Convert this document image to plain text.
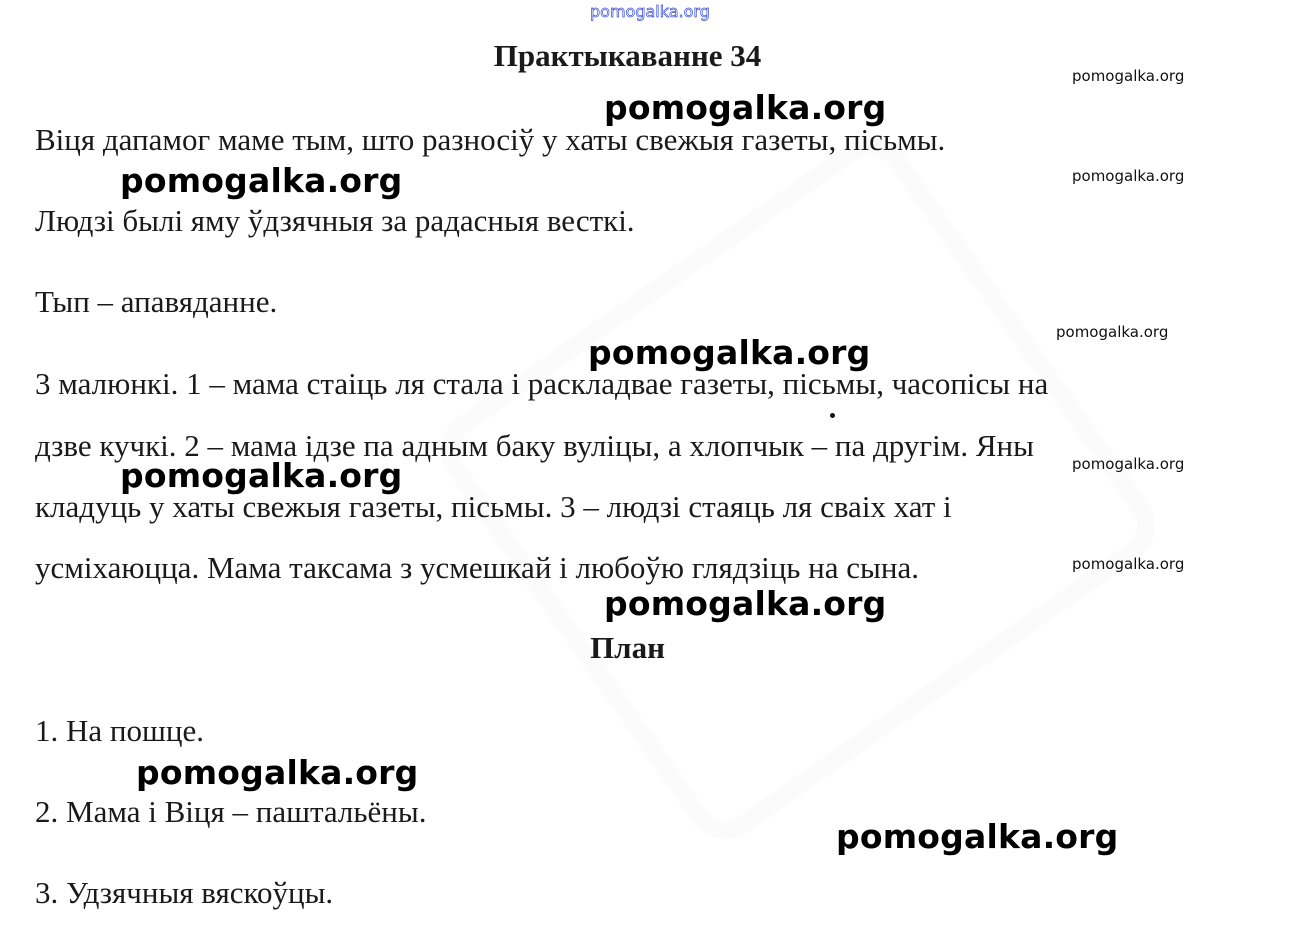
pomogalka.org
Практыкаванне 34
Віця дапамог маме тым, што разносіў у хаты свежыя газеты, пісьмы.
Людзі былі яму ўдзячныя за радасныя весткі.
Тып – апавяданне.
3 малюнкі. 1 – мама стаіць ля стала і раскладвае газеты, пісьмы, часопісы на
дзве кучкі. 2 – мама ідзе па адным баку вуліцы, а хлопчык – па другім. Яны
кладуць у хаты свежыя газеты, пісьмы. 3 – людзі стаяць ля сваіх хат і
усміхаюцца. Мама таксама з усмешкай і любоўю глядзіць на сына.
План
1. На пошце.
2. Мама і Віця – паштальёны.
3. Удзячныя вяскоўцы.
pomogalka.org
pomogalka.org
pomogalka.org
pomogalka.org
pomogalka.org
pomogalka.org
pomogalka.org
pomogalka.org
pomogalka.org
pomogalka.org
pomogalka.org
pomogalka.org
